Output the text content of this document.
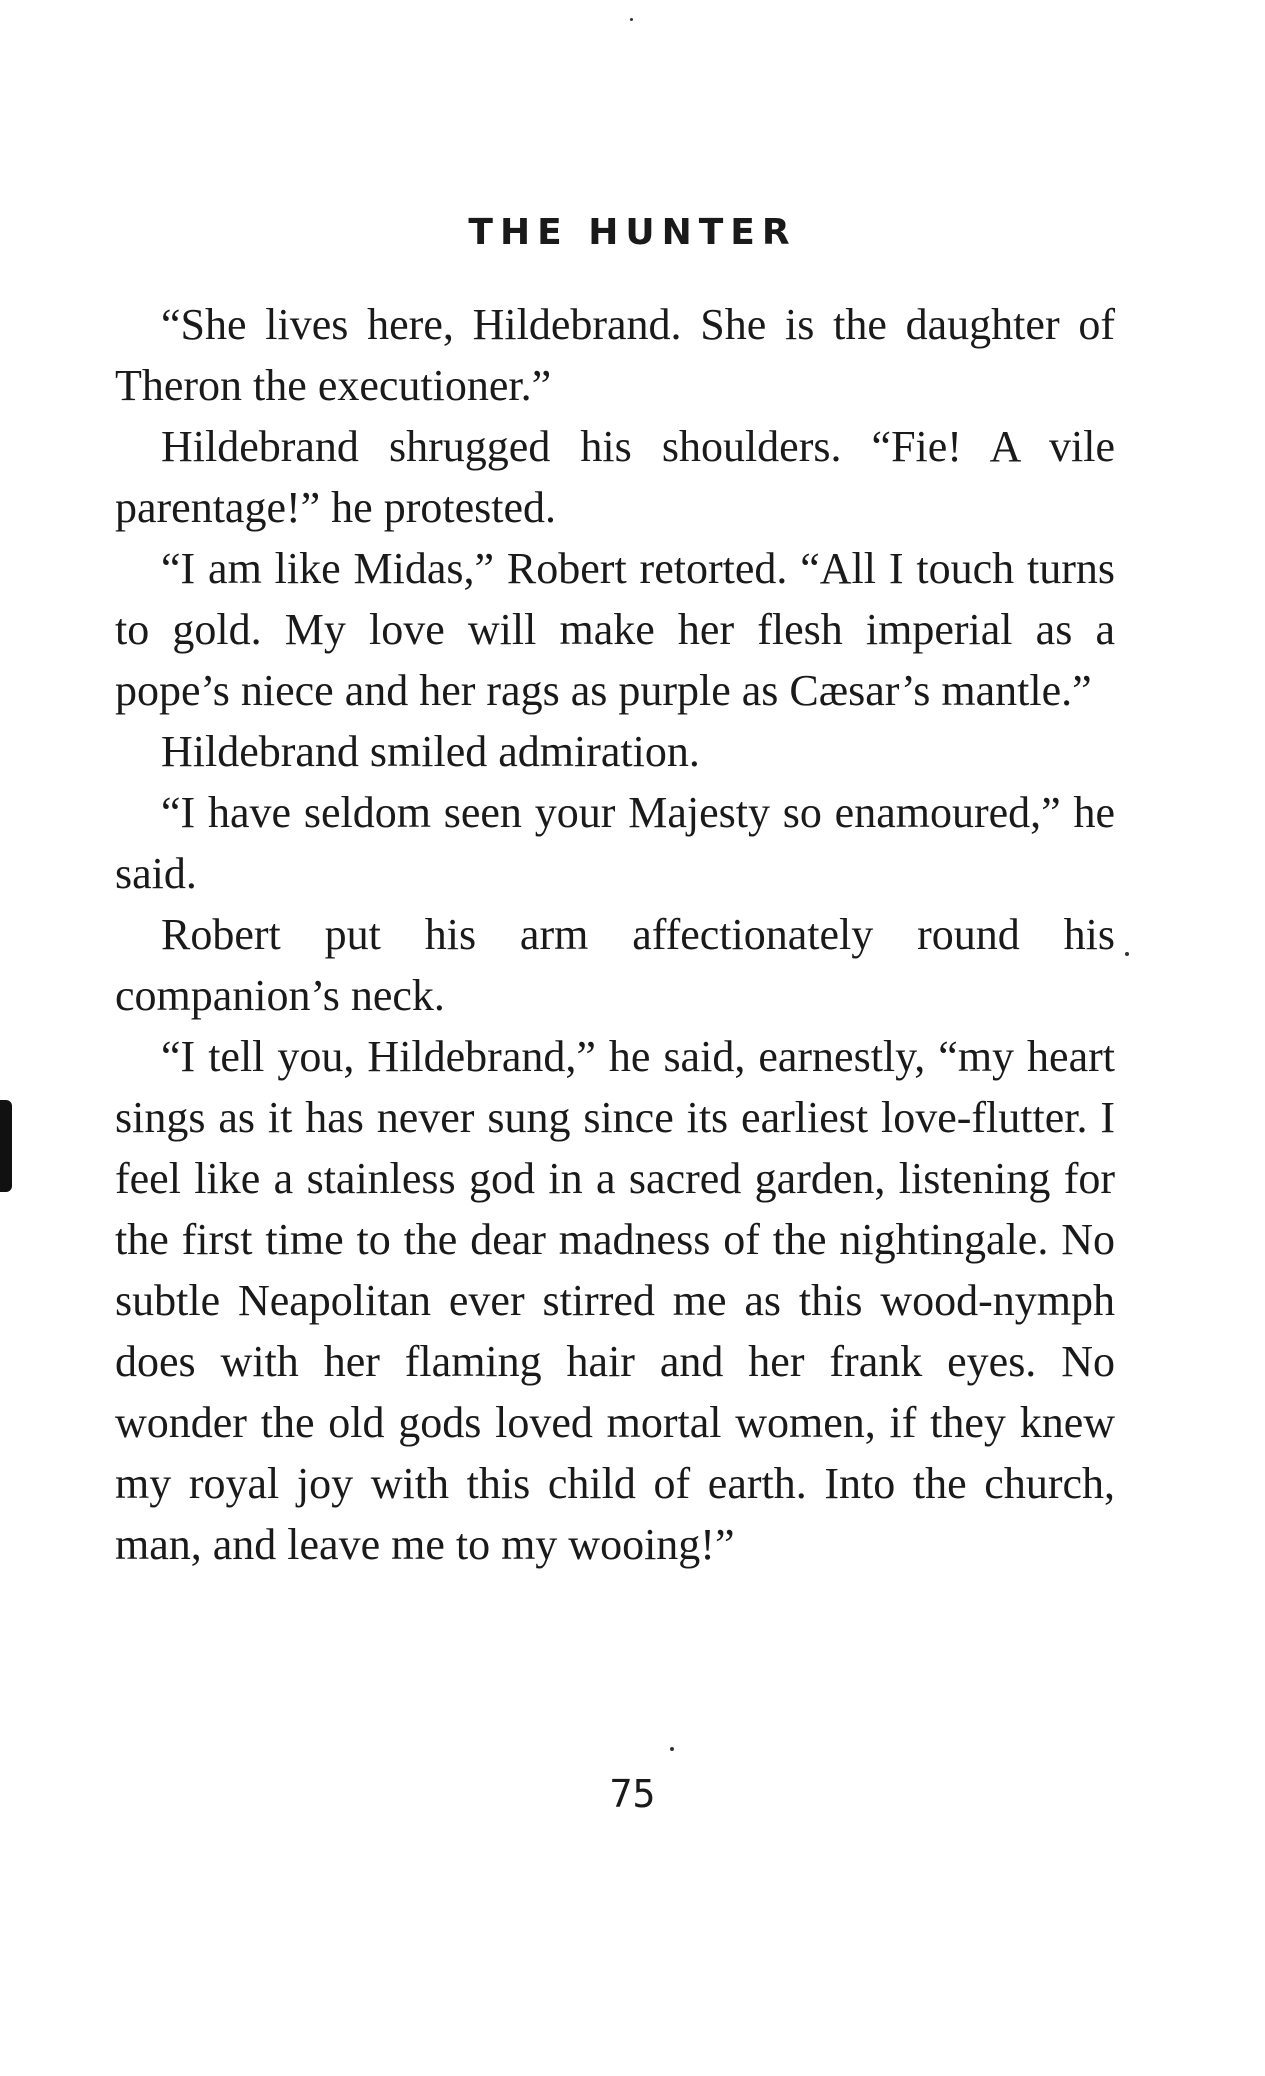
THE HUNTER

“She lives here, Hildebrand. She is the daughter of Theron the executioner.”

Hildebrand shrugged his shoulders. “Fie! A vile parentage!” he protested.

“I am like Midas,” Robert retorted. “All I touch turns to gold. My love will make her flesh imperial as a pope’s niece and her rags as purple as Cæsar’s mantle.”

Hildebrand smiled admiration.

“I have seldom seen your Majesty so enamoured,” he said.

Robert put his arm affectionately round his companion’s neck.

“I tell you, Hildebrand,” he said, earnestly, “my heart sings as it has never sung since its earliest love-flutter. I feel like a stainless god in a sacred garden, listening for the first time to the dear madness of the nightingale. No subtle Neapolitan ever stirred me as this wood-nymph does with her flaming hair and her frank eyes. No wonder the old gods loved mortal women, if they knew my royal joy with this child of earth. Into the church, man, and leave me to my wooing!”

75
